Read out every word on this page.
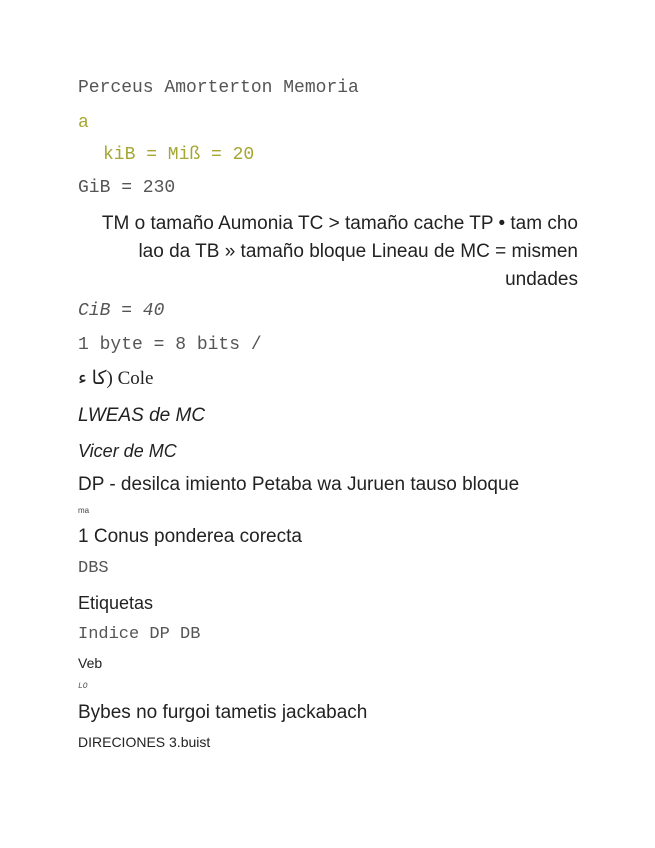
Perceus Amorterton Memoria
a
kiB = Miß = 20
GiB = 230
TM o tamaño Aumonia TC > tamaño cache TP • tam cho lao da TB » tamaño bloque Lineau de MC = mismen undades
CiB = 40
1 byte = 8 bits /
كا ء) Cole
LWEAS de MC
Vicer de MC
DP - desilca imiento Petaba wa Juruen tauso bloque
ma
1 Conus ponderea corecta
DBS
Etiquetas
Indice DP DB
Veb
LO
Bybes no furgoi tametis jackabach
DIRECIONES 3.buist
